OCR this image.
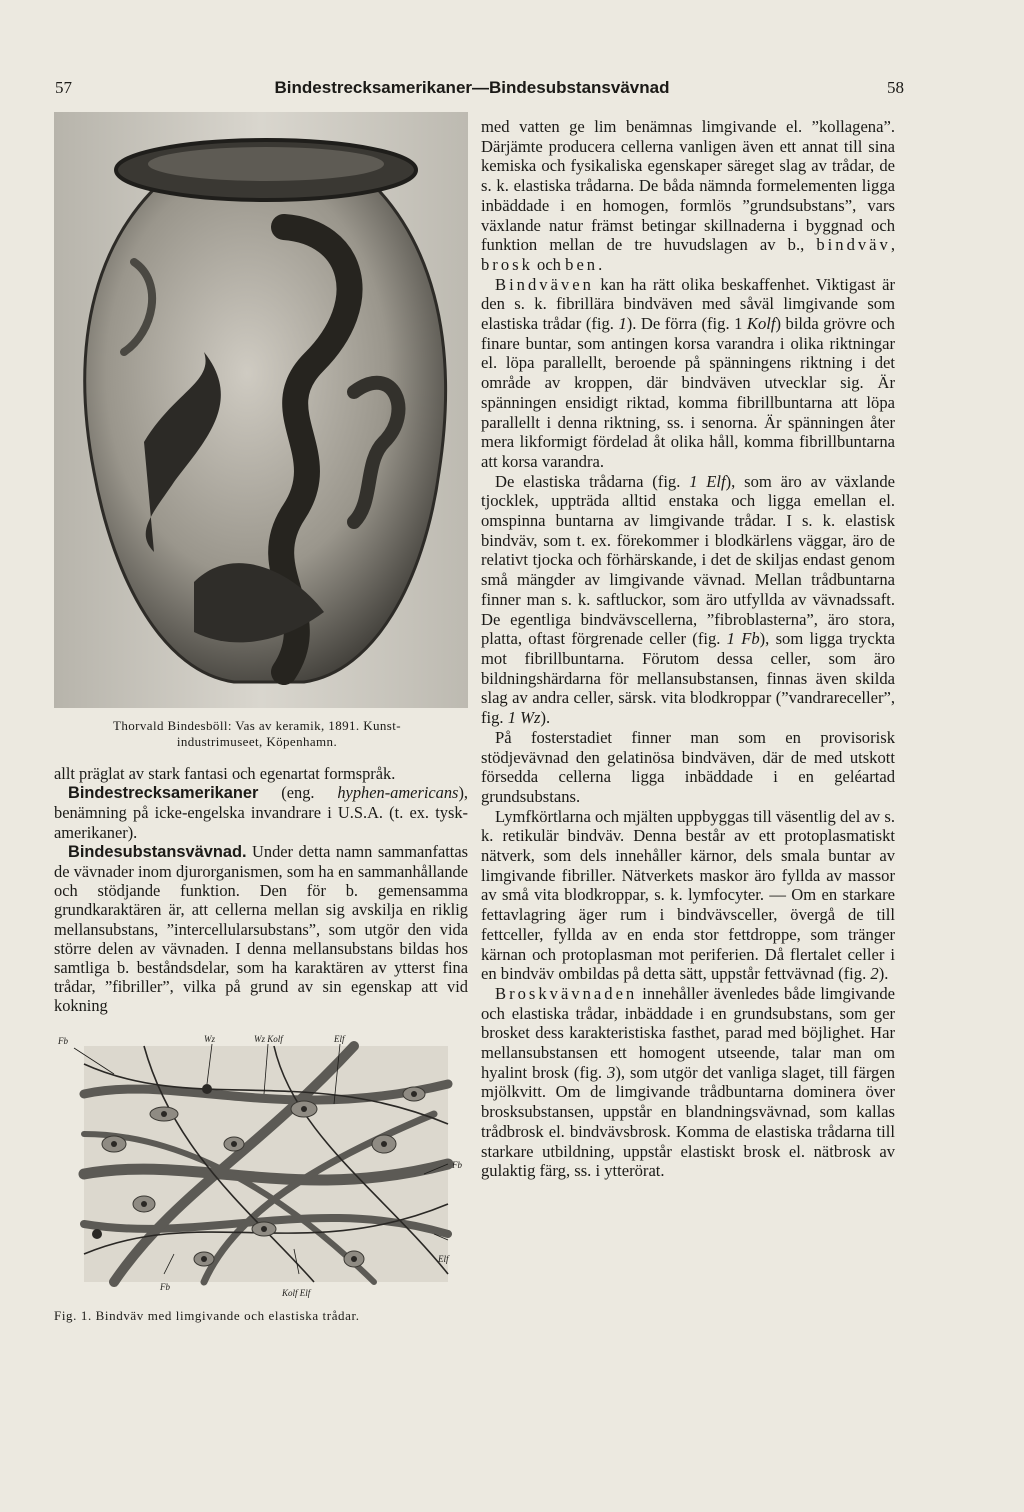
57	Bindestrecksamerikaner—Bindesubstansvävnad	58
Thorvald Bindesböll: Vas av keramik, 1891. Kunst-
industrimuseet, Köpenhamn.

allt präglat av stark fantasi och egenartat formspråk.

Bindestrecksamerikaner (eng. hyphen-americans), benämning på icke-engelska invandrare i U.S.A. (t. ex. tysk-amerikaner).

Bindesubstansvävnad. Under detta namn sammanfattas de vävnader inom djurorganismen, som ha en sammanhållande och stödjande funktion. Den för b. gemensamma grundkaraktären är, att cellerna mellan sig avskilja en riklig mellansubstans, ”intercellularsubstans”, som utgör den vida större delen av vävnaden. I denna mellansubstans bildas hos samtliga b. beståndsdelar, som ha karaktären av ytterst fina trådar, ”fibriller”, vilka på grund av sin egenskap att vid kokning

Fb	Wz	Wz Kolf	Elf
Fb
Elf
Fb
Kolf Elf
Fig. 1. Bindväv med limgivande och elastiska trådar.

med vatten ge lim benämnas limgivande el. ”kollagena”. Därjämte producera cellerna vanligen även ett annat till sina kemiska och fysikaliska egenskaper säreget slag av trådar, de s. k. elastiska trådarna. De båda nämnda formelementen ligga inbäddade i en homogen, formlös ”grundsubstans”, vars växlande natur främst betingar skillnaderna i byggnad och funktion mellan de tre huvudslagen av b., bindväv, brosk och ben.

Bindväven kan ha rätt olika beskaffenhet. Viktigast är den s. k. fibrillära bindväven med såväl limgivande som elastiska trådar (fig. 1). De förra (fig. 1 Kolf) bilda grövre och finare buntar, som antingen korsa varandra i olika riktningar el. löpa parallellt, beroende på spänningens riktning i det område av kroppen, där bindväven utvecklar sig. Är spänningen ensidigt riktad, komma fibrillbuntarna att löpa parallellt i denna riktning, ss. i senorna. Är spänningen åter mera likformigt fördelad åt olika håll, komma fibrillbuntarna att korsa varandra.

De elastiska trådarna (fig. 1 Elf), som äro av växlande tjocklek, uppträda alltid enstaka och ligga emellan el. omspinna buntarna av limgivande trådar. I s. k. elastisk bindväv, som t. ex. förekommer i blodkärlens väggar, äro de relativt tjocka och förhärskande, i det de skiljas endast genom små mängder av limgivande vävnad. Mellan trådbuntarna finner man s. k. saftluckor, som äro utfyllda av vävnadssaft. De egentliga bindvävscellerna, ”fibroblasterna”, äro stora, platta, oftast förgrenade celler (fig. 1 Fb), som ligga tryckta mot fibrillbuntarna. Förutom dessa celler, som äro bildningshärdarna för mellansubstansen, finnas även skilda slag av andra celler, särsk. vita blodkroppar (”vandrareceller”, fig. 1 Wz).

På fosterstadiet finner man som en provisorisk stödjevävnad den gelatinösa bindväven, där de med utskott försedda cellerna ligga inbäddade i en geléartad grundsubstans.

Lymfkörtlarna och mjälten uppbyggas till väsentlig del av s. k. retikulär bindväv. Denna består av ett protoplasmatiskt nätverk, som dels innehåller kärnor, dels smala buntar av limgivande fibriller. Nätverkets maskor äro fyllda av massor av små vita blodkroppar, s. k. lymfocyter. — Om en starkare fettavlagring äger rum i bindvävsceller, övergå de till fettceller, fyllda av en enda stor fettdroppe, som tränger kärnan och protoplasman mot periferien. Då flertalet celler i en bindväv ombildas på detta sätt, uppstår fettvävnad (fig. 2).

Broskvävnaden innehåller ävenledes både limgivande och elastiska trådar, inbäddade i en grundsubstans, som ger brosket dess karakteristiska fasthet, parad med böjlighet. Har mellansubstansen ett homogent utseende, talar man om hyalint brosk (fig. 3), som utgör det vanliga slaget, till färgen mjölkvitt. Om de limgivande trådbuntarna dominera över brosksubstansen, uppstår en blandningsvävnad, som kallas trådbrosk el. bindvävsbrosk. Komma de elastiska trådarna till starkare utbildning, uppstår elastiskt brosk el. nätbrosk av gulaktig färg, ss. i ytterörat.
